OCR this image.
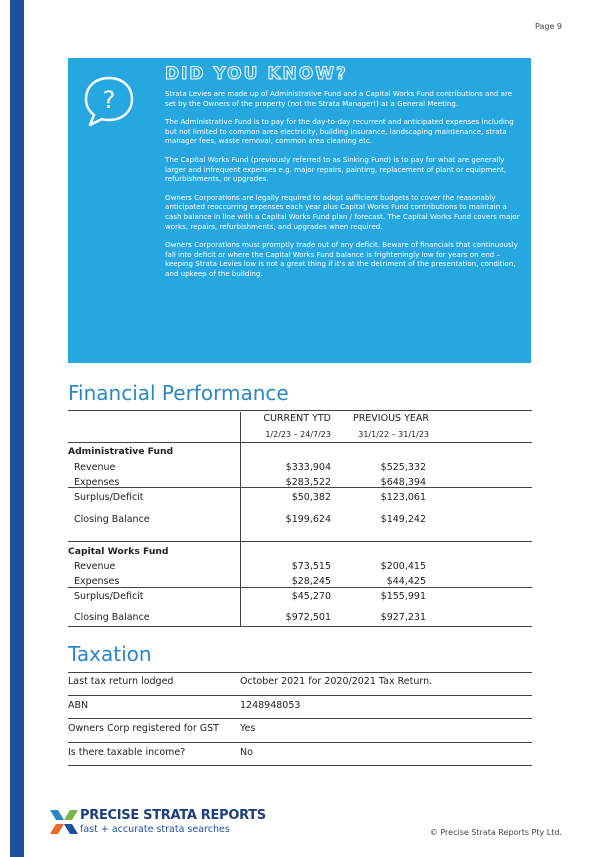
Page 9
?
DID YOU KNOW?

Strata Levies are made up of Administrative Fund and a Capital Works Fund contributions and are set by the Owners of the property (not the Strata Manager!) at a General Meeting.

The Administrative Fund is to pay for the day-to-day recurrent and anticipated expenses including but not limited to common area electricity, building insurance, landscaping maintenance, strata manager fees, waste removal, common area cleaning etc.

The Capital Works Fund (previously referred to as Sinking Fund) is to pay for what are generally larger and infrequent expenses e.g. major repairs, painting, replacement of plant or equipment, refurbishments, or upgrades.

Owners Corporations are legally required to adopt sufficient budgets to cover the reasonably anticipated reoccurring expenses each year plus Capital Works Fund contributions to maintain a cash balance in line with a Capital Works Fund plan / forecast. The Capital Works Fund covers major works, repairs, refurbishments, and upgrades when required.

Owners Corporations must promptly trade out of any deficit. Beware of financials that continuously fall into deficit or where the Capital Works Fund balance is frighteningly low for years on end – keeping Strata Levies low is not a great thing if it's at the detriment of the presentation, condition, and upkeep of the building.

Financial Performance
CURRENT YTD PREVIOUS YEAR
1/2/23 – 24/7/23	31/1/22 – 31/1/23
Administrative Fund
Revenue	$333,904	$525,332
Expenses	$283,522	$648,394
Surplus/Deficit	$50,382	$123,061
Closing Balance	$199,624	$149,242
Capital Works Fund
Revenue	$73,515	$200,415
Expenses	$28,245	$44,425
Surplus/Deficit	$45,270	$155,991
Closing Balance	$972,501	$927,231
Taxation
Last tax return lodged	October 2021 for 2020/2021 Tax Return.
ABN	1248948053
Owners Corp registered for GST Yes
Is there taxable income?	No
PRECISE STRATA REPORTS
fast + accurate strata searches	© Precise Strata Reports Pty Ltd.
